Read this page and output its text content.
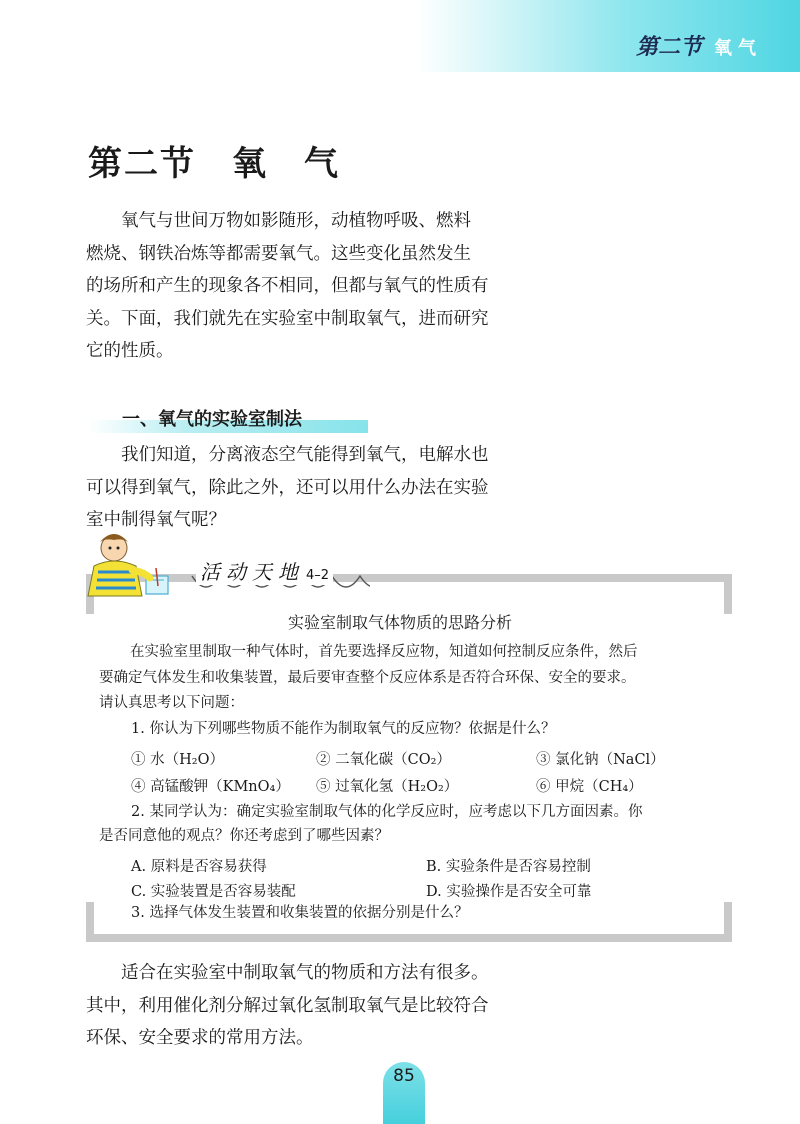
第二节 氧气
第二节　氧　气
氧气与世间万物如影随形，动植物呼吸、燃料
燃烧、钢铁冶炼等都需要氧气。这些变化虽然发生
的场所和产生的现象各不相同，但都与氧气的性质有
关。下面，我们就先在实验室中制取氧气，进而研究
它的性质。
一、氧气的实验室制法
我们知道，分离液态空气能得到氧气，电解水也
可以得到氧气，除此之外，还可以用什么办法在实验
室中制得氧气呢？
活动天地 4–2
实验室制取气体物质的思路分析
在实验室里制取一种气体时，首先要选择反应物，知道如何控制反应条件，然后
要确定气体发生和收集装置，最后要审查整个反应体系是否符合环保、安全的要求。
请认真思考以下问题：
1. 你认为下列哪些物质不能作为制取氧气的反应物？依据是什么？
① 水（H₂O）	② 二氧化碳（CO₂）	③ 氯化钠（NaCl）
④ 高锰酸钾（KMnO₄） ⑤ 过氧化氢（H₂O₂）	⑥ 甲烷（CH₄）
2. 某同学认为：确定实验室制取气体的化学反应时，应考虑以下几方面因素。你
是否同意他的观点？你还考虑到了哪些因素？
A. 原料是否容易获得	B. 实验条件是否容易控制
C. 实验装置是否容易装配	D. 实验操作是否安全可靠
3. 选择气体发生装置和收集装置的依据分别是什么？
适合在实验室中制取氧气的物质和方法有很多。
其中，利用催化剂分解过氧化氢制取氧气是比较符合
环保、安全要求的常用方法。
85
